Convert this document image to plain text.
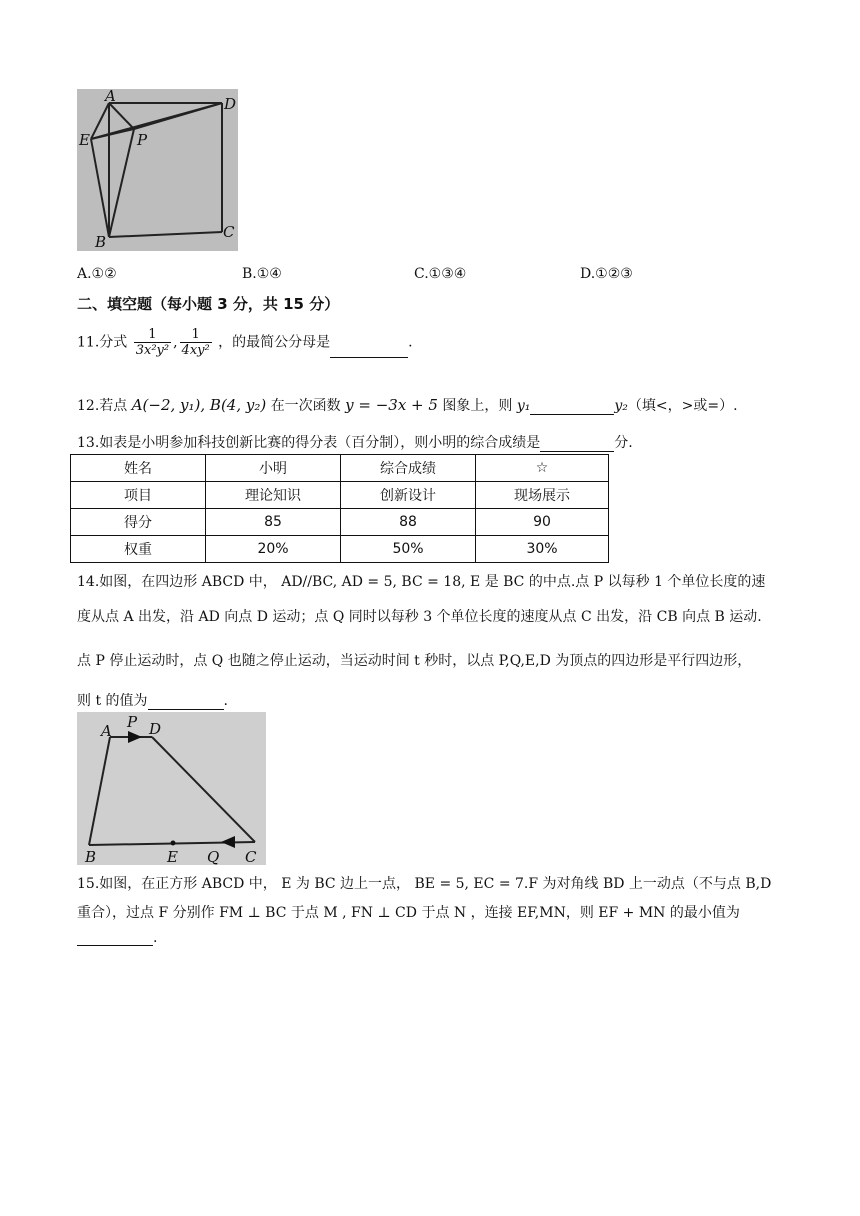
A	D
E	P
B
C
A.①②	B.①④	C.①③④	D.①②③
二、填空题（每小题 3 分，共 15 分）
11.分式 $\frac{1}{\text{3x²y²}}$ , $\frac{1}{\text{4xy²}}$ ，的最简公分母是	.
12.若点 A(−2, y₁), B(4, y₂) 在一次函数 y = −3x + 5 图象上，则 y₁	y₂（填<，>或=）.
13.如表是小明参加科技创新比赛的得分表（百分制），则小明的综合成绩是	分.
姓名	小明	综合成绩	☆
项目	理论知识	创新设计	现场展示
得分	85	88	90
权重	20%	50%	30%
14.如图，在四边形 ABCD 中， AD//BC, AD = 5, BC = 18, E 是 BC 的中点.点 P 以每秒 1 个单位长度的速
度从点 A 出发，沿 AD 向点 D 运动；点 Q 同时以每秒 3 个单位长度的速度从点 C 出发，沿 CB 向点 B 运动.
点 P 停止运动时，点 Q 也随之停止运动，当运动时间 t 秒时，以点 P,Q,E,D 为顶点的四边形是平行四边形，
则 t 的值为	.
A P D
B	E Q C
15.如图，在正方形 ABCD 中， E 为 BC 边上一点， BE = 5, EC = 7.F 为对角线 BD 上一动点（不与点 B,D
重合），过点 F 分别作 FM ⊥ BC 于点 M , FN ⊥ CD 于点 N ，连接 EF,MN，则 EF + MN 的最小值为
.
